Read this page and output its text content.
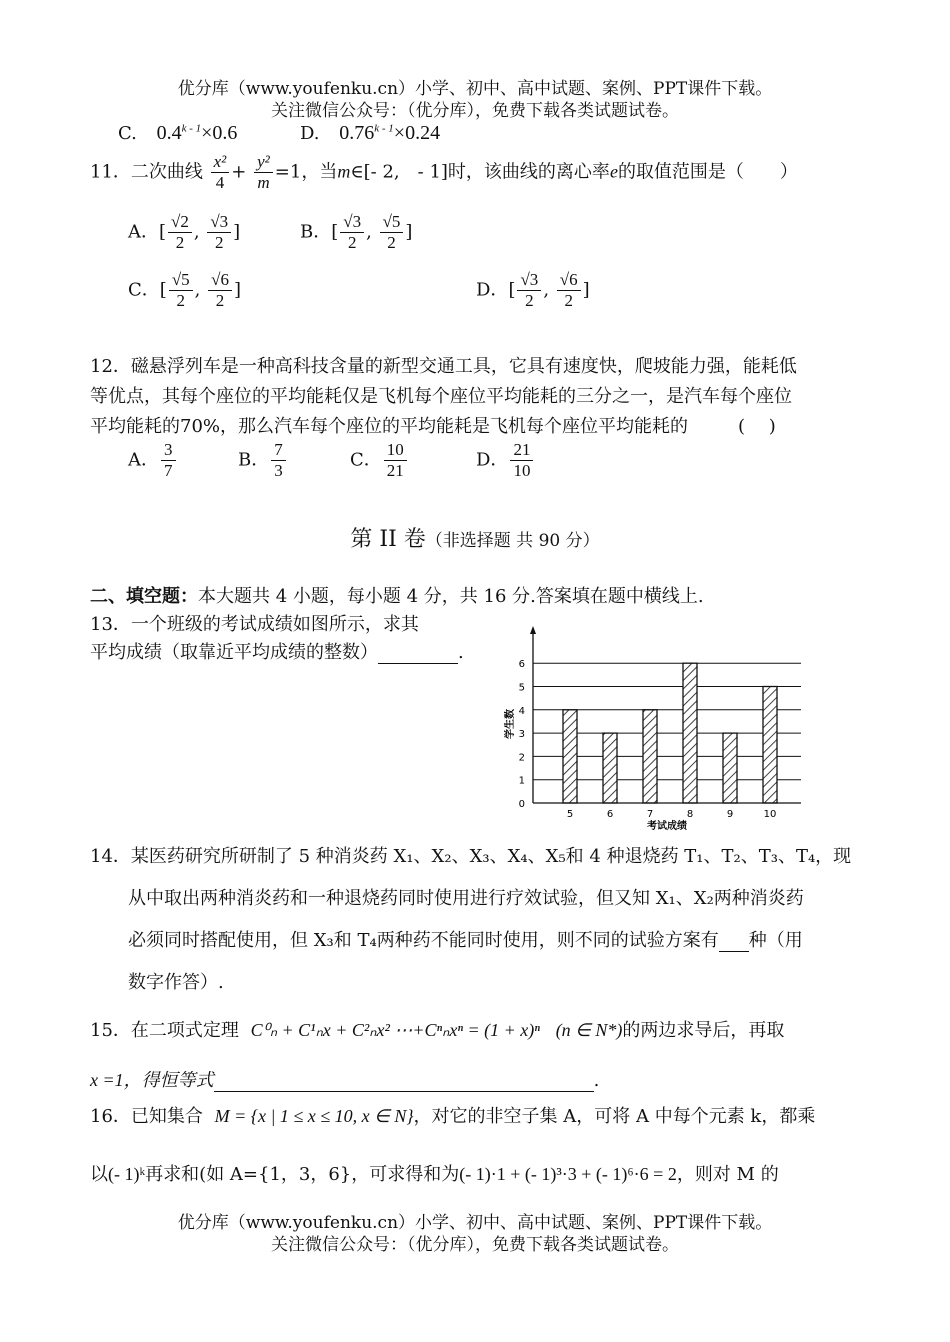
优分库（www.youfenku.cn）小学、初中、高中试题、案例、PPT课件下载。
关注微信公众号：（优分库），免费下载各类试题试卷。
C. $0.4^{k - 1}\times 0.6$	D. $0.76^{k - 1}\times 0.24$
11．二次曲线 $\frac{\text{x²}}{4} + \frac{\text{y²}}{m} =1$，当m∈[- 2,　- 1]时，该曲线的离心率e的取值范围是（　　）
A．[ $\frac{√2}{2}$ , $\frac{√3}{2}$ ]	B．[ $\frac{√3}{2}$ , $\frac{√5}{2}$ ]
C．[ $\frac{√5}{2}$ , $\frac{√6}{2}$ ]	D．[ $\frac{√3}{2}$ , $\frac{√6}{2}$ ]
12．磁悬浮列车是一种高科技含量的新型交通工具，它具有速度快，爬坡能力强，能耗低
等优点，其每个座位的平均能耗仅是飞机每个座位平均能耗的三分之一，是汽车每个座位
平均能耗的70%，那么汽车每个座位的平均能耗是飞机每个座位平均能耗的	(　 )
A． $\frac{3}{7}$	B． $\frac{7}{3}$	C． $\frac{10}{21}$	D． $\frac{21}{10}$
第 II 卷（非选择题 共 90 分）
二、填空题：本大题共 4 小题，每小题 4 分，共 16 分.答案填在题中横线上.
13．一个班级的考试成绩如图所示，求其
平均成绩（取靠近平均成绩的整数）	.
0
1
2
3
4
5
6
5	6	7	8	9	10
学生数
考试成绩
14．某医药研究所研制了 5 种消炎药 X₁、X₂、X₃、X₄、X₅和 4 种退烧药 T₁、T₂、T₃、T₄，现
从中取出两种消炎药和一种退烧药同时使用进行疗效试验，但又知 X₁、X₂两种消炎药
必须同时搭配使用，但 X₃和 T₄两种药不能同时使用，则不同的试验方案有 种（用
数字作答）.
15．在二项式定理 C⁰ₙ + C¹ₙx + C²ₙx² ⋯+Cⁿₙxⁿ = (1 + x)ⁿ (n ∈ N*)的两边求导后，再取
x =1，得恒等式	.
16．已知集合 M = {x | 1 ≤ x ≤ 10, x ∈ N}，对它的非空子集 A，可将 A 中每个元素 k，都乘
以(- 1)ᵏ再求和(如 A={1，3，6}，可求得和为(- 1)·1 + (- 1)³·3 + (- 1)⁶·6 = 2，则对 M 的
优分库（www.youfenku.cn）小学、初中、高中试题、案例、PPT课件下载。
关注微信公众号：（优分库），免费下载各类试题试卷。
